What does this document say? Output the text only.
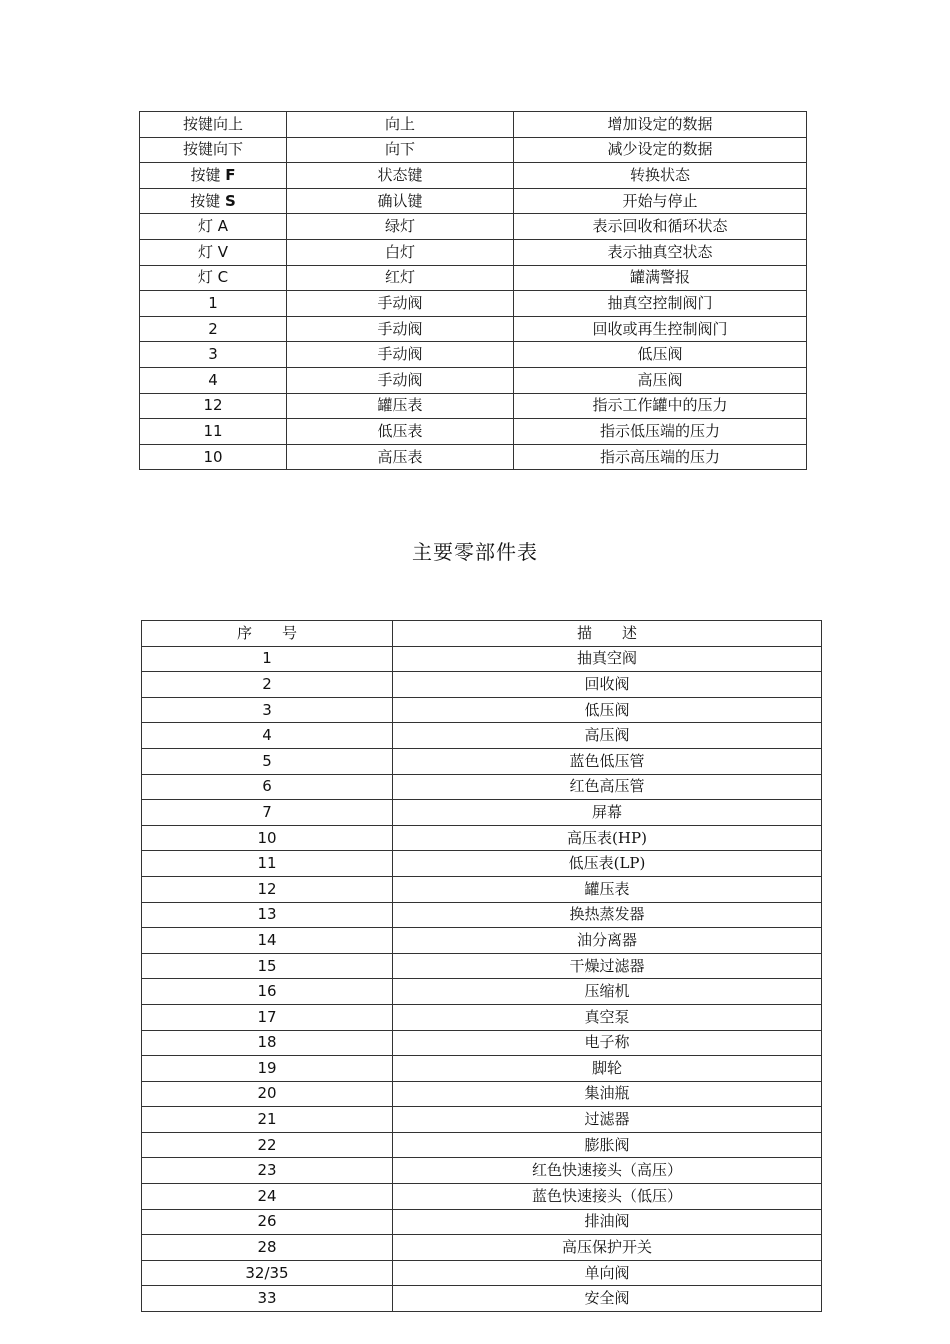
按键向上	向上	增加设定的数据
按键向下	向下	减少设定的数据
按键 F	状态键	转换状态
按键 S	确认键	开始与停止
灯 A	绿灯	表示回收和循环状态
灯 V	白灯	表示抽真空状态
灯 C	红灯	罐满警报
1	手动阀	抽真空控制阀门
2	手动阀	回收或再生控制阀门
3	手动阀	低压阀
4	手动阀	高压阀
12	罐压表	指示工作罐中的压力
11	低压表	指示低压端的压力
10	高压表	指示高压端的压力
主要零部件表
序　　号	描　　述
1	抽真空阀
2	回收阀
3	低压阀
4	高压阀
5	蓝色低压管
6	红色高压管
7	屏幕
10	高压表(HP)
11	低压表(LP)
12	罐压表
13	换热蒸发器
14	油分离器
15	干燥过滤器
16	压缩机
17	真空泵
18	电子称
19	脚轮
20	集油瓶
21	过滤器
22	膨胀阀
23	红色快速接头（高压）
24	蓝色快速接头（低压）
26	排油阀
28	高压保护开关
32/35	单向阀
33	安全阀
